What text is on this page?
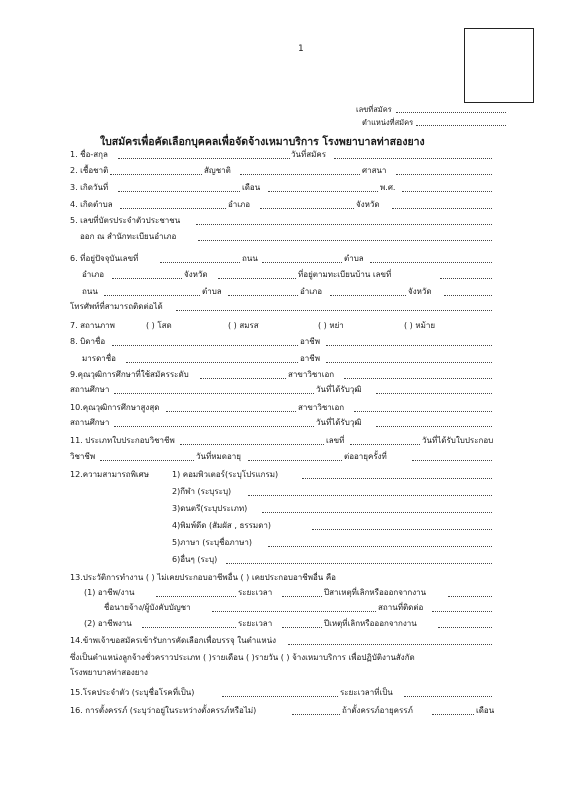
1
เลขที่สมัคร
ตำแหน่งที่สมัคร
ใบสมัครเพื่อคัดเลือกบุคคลเพื่อจัดจ้างเหมาบริการ โรงพยาบาลท่าสองยาง
1. ชื่อ-สกุล	วันที่สมัคร
2. เชื้อชาติ	สัญชาติ	ศาสนา
3. เกิดวันที่	เดือน	พ.ศ.
4. เกิดตำบล	อำเภอ	จังหวัด
5. เลขที่บัตรประจำตัวประชาชน
ออก ณ สำนักทะเบียนอำเภอ
6. ที่อยู่ปัจจุบันเลขที่	ถนน	ตำบล
อำเภอ	จังหวัด	ที่อยู่ตามทะเบียนบ้าน เลขที่
ถนน	ตำบล	อำเภอ	จังหวัด
โทรศัพท์ที่สามารถติดต่อได้
7. สถานภาพ	( ) โสด	( ) สมรส	( ) หย่า	( ) หม้าย
8. บิดาชื่อ	อาชีพ
มารดาชื่อ	อาชีพ
9.คุณวุฒิการศึกษาที่ใช้สมัครระดับ	สาขาวิชาเอก
สถานศึกษา	วันที่ได้รับวุฒิ
10.คุณวุฒิการศึกษาสูงสุด	สาขาวิชาเอก
สถานศึกษา	วันที่ได้รับวุฒิ
11. ประเภทใบประกอบวิชาชีพ	เลขที่	วันที่ได้รับใบประกอบ
วิชาชีพ	วันที่หมดอายุ	ต่ออายุครั้งที่
12.ความสามารถพิเศษ	1) คอมพิวเตอร์(ระบุโปรแกรม)
2)กีฬา (ระบุระบุ)
3)ดนตรี(ระบุประเภท)
4)พิมพ์ดีด (สัมผัส , ธรรมดา)
5)ภาษา (ระบุชื่อภาษา)
6)อื่นๆ (ระบุ)
13.ประวัติการทำงาน ( ) ไม่เคยประกอบอาชีพอื่น ( ) เคยประกอบอาชีพอื่น คือ
(1) อาชีพ/งาน	ระยะเวลา	ปีสาเหตุที่เลิกหรือออกจากงาน
ชื่อนายจ้าง/ผู้บังคับบัญชา	สถานที่ติดต่อ
(2) อาชีพงาน	ระยะเวลา	ปีเหตุที่เลิกหรือออกจากงาน
14.ข้าพเจ้าขอสมัครเข้ารับการคัดเลือกเพื่อบรรจุ ในตำแหน่ง
ซึ่งเป็นตำแหน่งลูกจ้างชั่วคราวประเภท ( )รายเดือน ( )รายวัน ( ) จ้างเหมาบริการ เพื่อปฏิบัติงานสังกัด
โรงพยาบาลท่าสองยาง
15.โรคประจำตัว (ระบุชื่อโรคที่เป็น)	ระยะเวลาที่เป็น
16. การตั้งครรภ์ (ระบุว่าอยู่ในระหว่างตั้งครรภ์หรือไม่)	ถ้าตั้งครรภ์อายุครรภ์	เดือน
